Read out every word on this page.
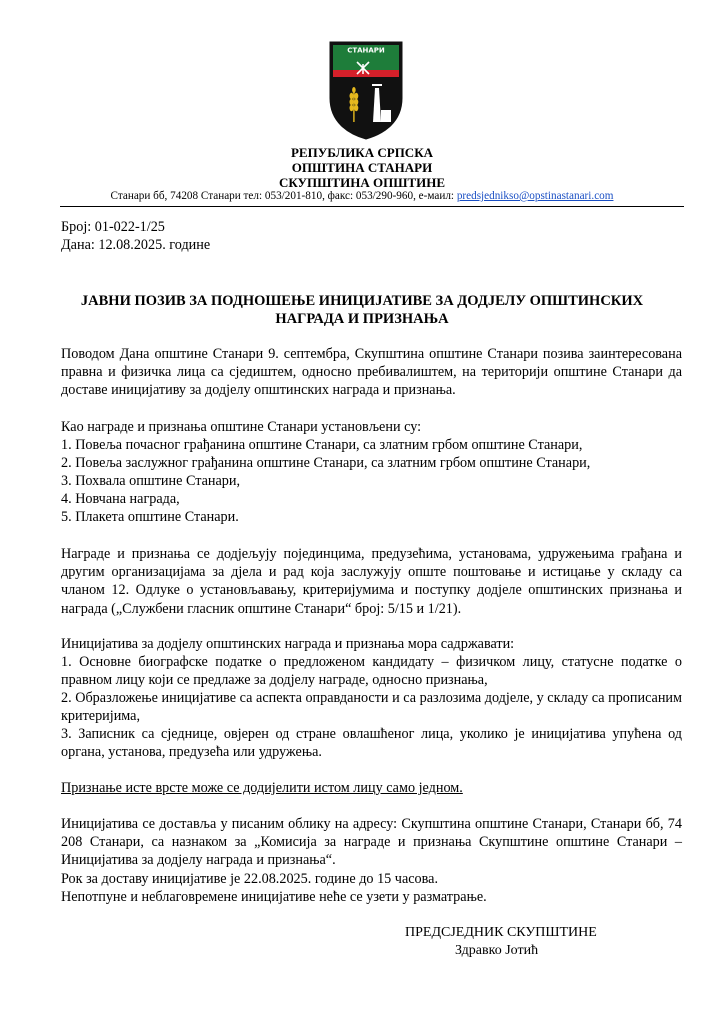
СТАНАРИ
РЕПУБЛИКА СРПСКА
ОПШТИНА СТАНАРИ
СКУПШТИНА ОПШТИНЕ
Станари бб, 74208 Станари тел: 053/201-810, факс: 053/290-960, е-маил: predsjednikso@opstinastanari.com
Број: 01-022-1/25
Дана: 12.08.2025. године
ЈАВНИ ПОЗИВ ЗА ПОДНОШЕЊЕ ИНИЦИЈАТИВЕ ЗА ДОДЈЕЛУ ОПШТИНСКИХ
НАГРАДА И ПРИЗНАЊА
Поводом Дана општине Станари 9. септембра, Скупштина општине Станари позива заинтересована правна и физичка лица са сједиштем, односно пребивалиштем, на територији општине Станари да доставе иницијативу за додјелу општинских награда и признања.
Као награде и признања општине Станари установљени су:
1. Повеља почасног грађанина општине Станари, са златним грбом општине Станари,
2. Повеља заслужног грађанина општине Станари, са златним грбом општине Станари,
3. Похвала општине Станари,
4. Новчана награда,
5. Плакета општине Станари.
Награде и признања се додјељују појединцима, предузећима, установама, удружењима грађана и другим организацијама за дјела и рад која заслужују опште поштовање и истицање у складу са чланом 12. Одлуке о установљавању, критеријумима и поступку додјеле општинских признања и награда („Службени гласник општине Станари“ број: 5/15 и 1/21).
Иницијатива за додјелу општинских награда и признања мора садржавати:
1. Основне биографске податке о предложеном кандидату – физичком лицу, статусне податке о правном лицу који се предлаже за додјелу награде, односно признања,
2. Образложење иницијативе са аспекта оправданости и са разлозима додјеле, у складу са прописаним критеријима,
3. Записник са сједнице, овјерен од стране овлашћеног лица, уколико је иницијатива упућена од органа, установа, предузећа или удружења.
Признање исте врсте може се додијелити истом лицу само једном.
Иницијатива се доставља у писаним облику на адресу: Скупштина општине Станари, Станари бб, 74 208 Станари, са назнаком за „Комисија за награде и признања Скупштине општине Станари – Иницијатива за додјелу награда и признања“.
Рок за доставу иницијативе је 22.08.2025. године до 15 часова.
Непотпуне и неблаговремене иницијативе неће се узети у разматрање.
ПРЕДСЈЕДНИК СКУПШТИНЕ
Здравко Јотић
